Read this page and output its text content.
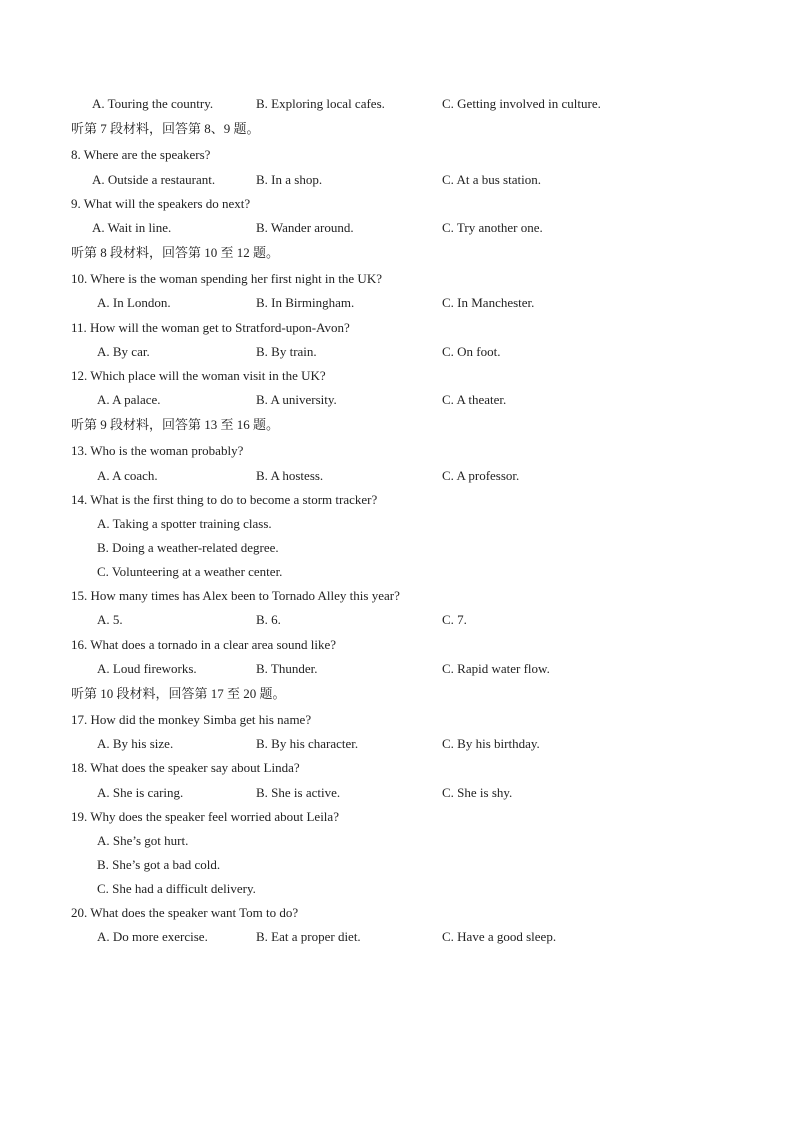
A. Touring the country.	B. Exploring local cafes.	C. Getting involved in culture.
听第 7 段材料，回答第 8、9 题。
8. Where are the speakers?
A. Outside a restaurant.	B. In a shop.	C. At a bus station.
9. What will the speakers do next?
A. Wait in line.	B. Wander around.	C. Try another one.
听第 8 段材料，回答第 10 至 12 题。
10. Where is the woman spending her first night in the UK?
A. In London.	B. In Birmingham.	C. In Manchester.
11. How will the woman get to Stratford-upon-Avon?
A. By car.	B. By train.	C. On foot.
12. Which place will the woman visit in the UK?
A. A palace.	B. A university.	C. A theater.
听第 9 段材料，回答第 13 至 16 题。
13. Who is the woman probably?
A. A coach.	B. A hostess.	C. A professor.
14. What is the first thing to do to become a storm tracker?
A. Taking a spotter training class.
B. Doing a weather-related degree.
C. Volunteering at a weather center.
15. How many times has Alex been to Tornado Alley this year?
A. 5.	B. 6.	C. 7.
16. What does a tornado in a clear area sound like?
A. Loud fireworks.	B. Thunder.	C. Rapid water flow.
听第 10 段材料，回答第 17 至 20 题。
17. How did the monkey Simba get his name?
A. By his size.	B. By his character.	C. By his birthday.
18. What does the speaker say about Linda?
A. She is caring.	B. She is active.	C. She is shy.
19. Why does the speaker feel worried about Leila?
A. She’s got hurt.
B. She’s got a bad cold.
C. She had a difficult delivery.
20. What does the speaker want Tom to do?
A. Do more exercise.	B. Eat a proper diet.	C. Have a good sleep.
